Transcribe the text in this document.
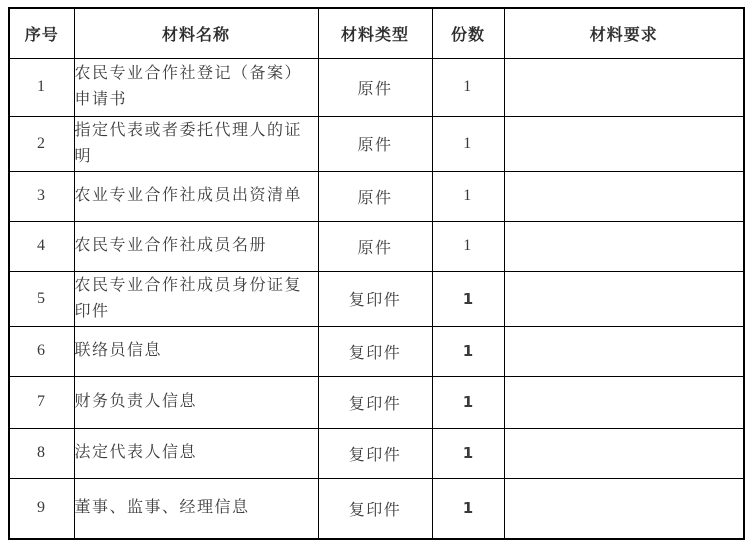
序号	材料名称	材料类型	份数	材料要求
1	农民专业合作社登记（备案）申请书	原件	1	
2	指定代表或者委托代理人的证明	原件	1	
3	农业专业合作社成员出资清单	原件	1	
4	农民专业合作社成员名册	原件	1	
5	农民专业合作社成员身份证复印件	复印件	1	
6	联络员信息	复印件	1	
7	财务负责人信息	复印件	1	
8	法定代表人信息	复印件	1	
9	董事、监事、经理信息	复印件	1	
